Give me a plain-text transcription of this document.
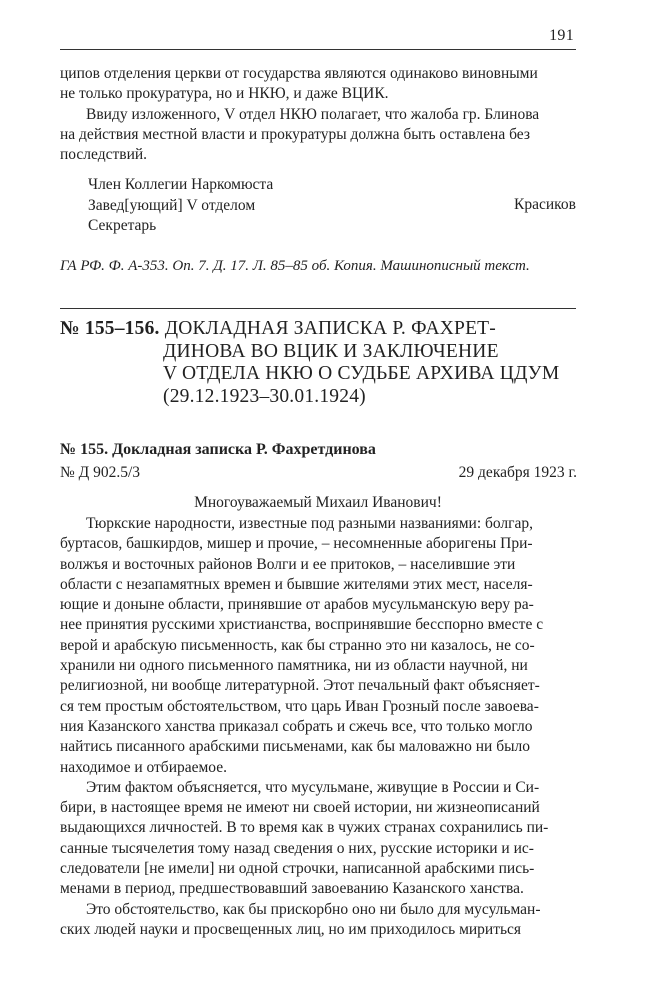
191

ципов отделения церкви от государства являются одинаково виновными
не только прокуратура, но и НКЮ, и даже ВЦИК.

Ввиду изложенного, V отдел НКЮ полагает, что жалоба гр. Блинова
на действия местной власти и прокуратуры должна быть оставлена без
последствий.

Член Коллегии Наркомюста
Завед[ующий] V отделом
Секретарь
Красиков
ГА РФ. Ф. А-353. Оп. 7. Д. 17. Л. 85–85 об. Копия. Машинописный текст.
№ 155–156. ДОКЛАДНАЯ ЗАПИСКА Р. ФАХРЕТ-
ДИНОВА ВО ВЦИК И ЗАКЛЮЧЕНИЕ
V ОТДЕЛА НКЮ О СУДЬБЕ АРХИВА ЦДУМ
(29.12.1923–30.01.1924)
№ 155. Докладная записка Р. Фахретдинова
№ Д 902.5/3	29 декабря 1923 г.
Многоуважаемый Михаил Иванович!

Тюркские народности, известные под разными названиями: болгар,
буртасов, башкирдов, мишер и прочие, – несомненные аборигены При-
волжъя и восточных районов Волги и ее притоков, – населившие эти
области с незапамятных времен и бывшие жителями этих мест, населя-
ющие и доныне области, принявшие от арабов мусульманскую веру ра-
нее принятия русскими христианства, воспринявшие бесспорно вместе с
верой и арабскую письменность, как бы странно это ни казалось, не со-
хранили ни одного письменного памятника, ни из области научной, ни
религиозной, ни вообще литературной. Этот печальный факт объясняет-
ся тем простым обстоятельством, что царь Иван Грозный после завоева-
ния Казанского ханства приказал собрать и сжечь все, что только могло
найтись писанного арабскими письменами, как бы маловажно ни было
находимое и отбираемое.

Этим фактом объясняется, что мусульмане, живущие в России и Си-
бири, в настоящее время не имеют ни своей истории, ни жизнеописаний
выдающихся личностей. В то время как в чужих странах сохранились пи-
санные тысячелетия тому назад сведения о них, русские историки и ис-
следователи [не имели] ни одной строчки, написанной арабскими пись-
менами в период, предшествовавший завоеванию Казанского ханства.

Это обстоятельство, как бы прискорбно оно ни было для мусульман-
ских людей науки и просвещенных лиц, но им приходилось мириться
